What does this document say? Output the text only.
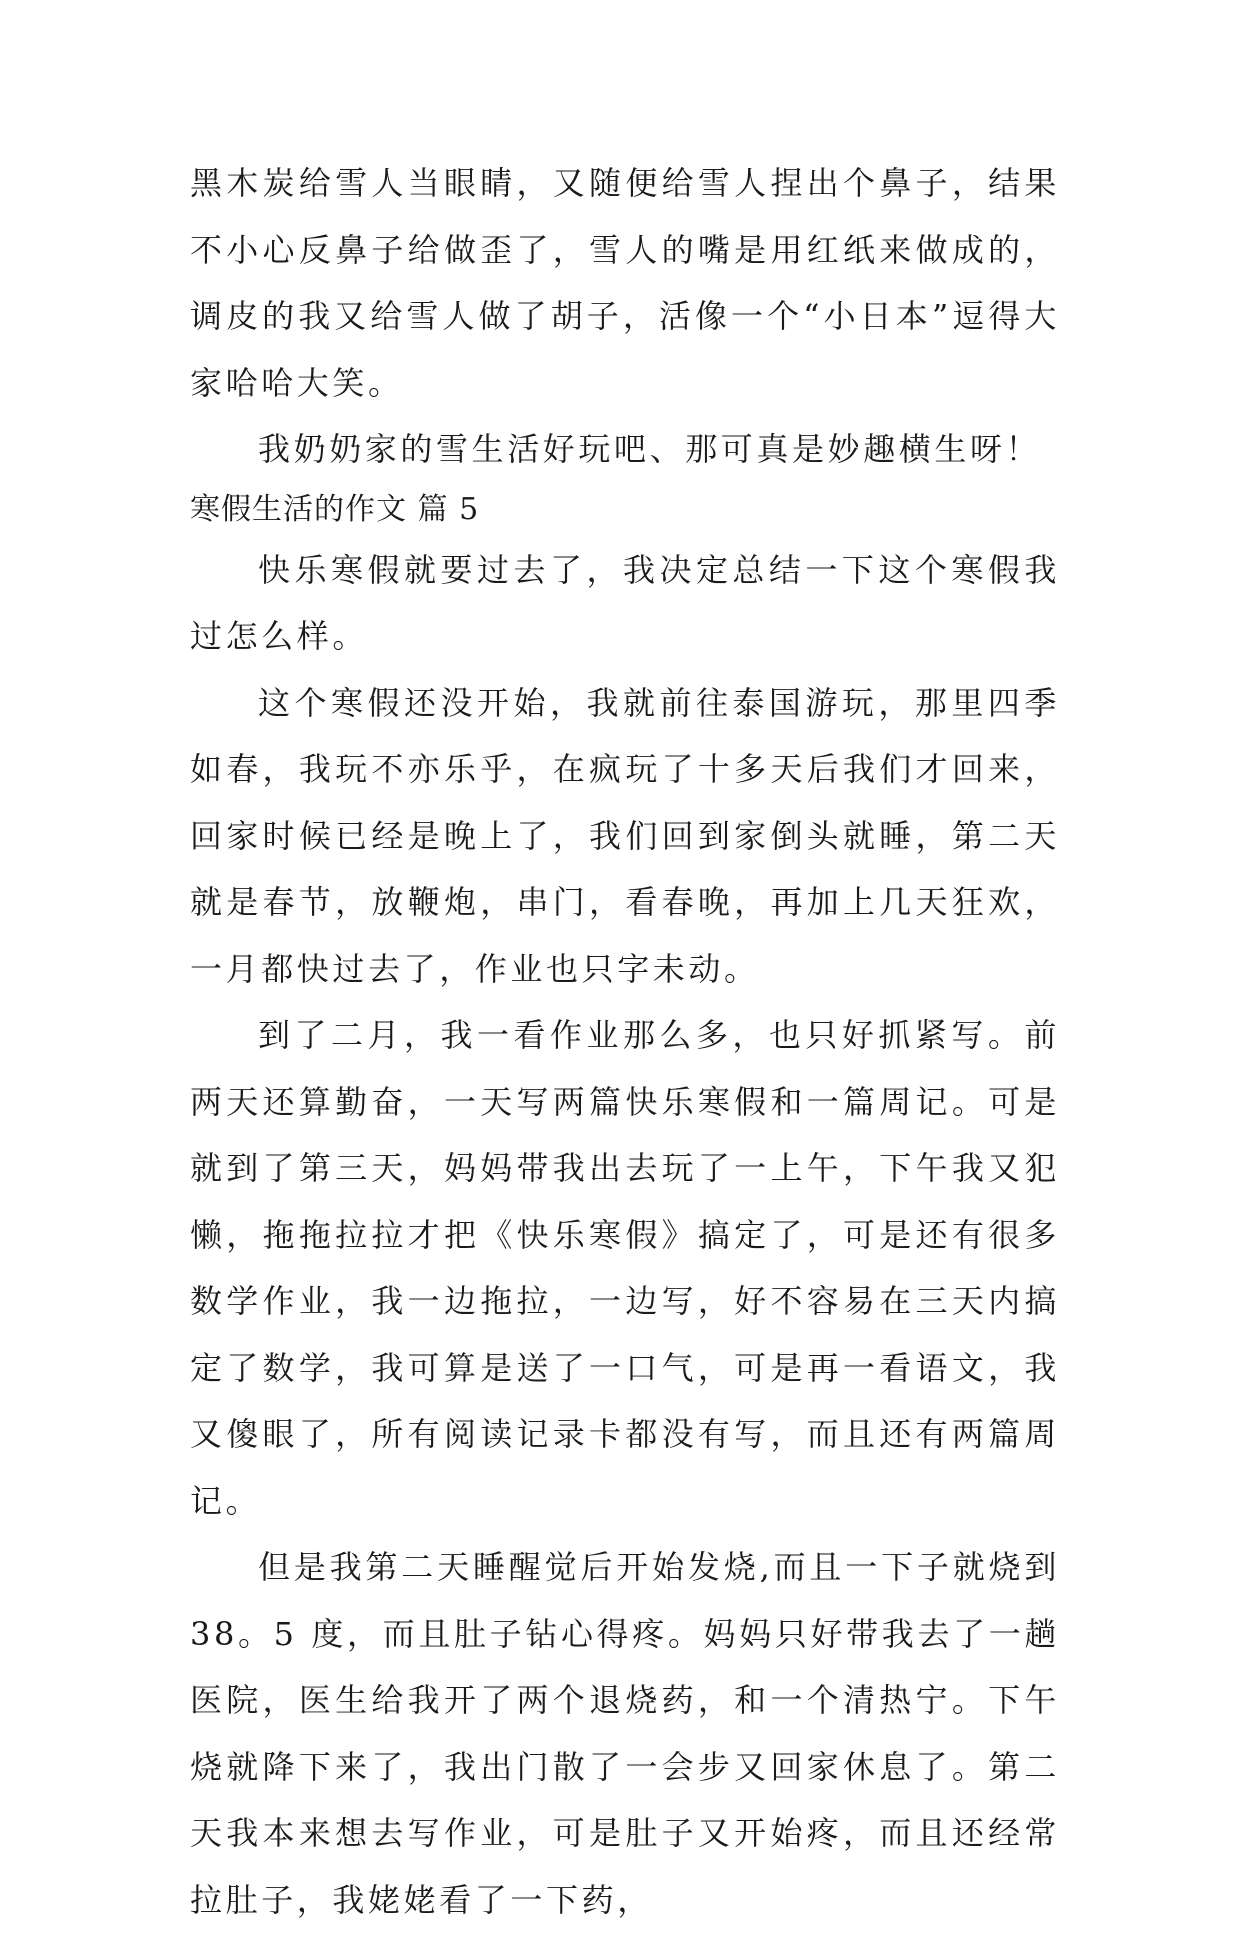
黑木炭给雪人当眼睛，又随便给雪人捏出个鼻子，结果不小心反鼻子给做歪了，雪人的嘴是用红纸来做成的，调皮的我又给雪人做了胡子，活像一个“小日本”逗得大家哈哈大笑。

我奶奶家的雪生活好玩吧、那可真是妙趣横生呀！

寒假生活的作文 篇 5

快乐寒假就要过去了，我决定总结一下这个寒假我过怎么样。

这个寒假还没开始，我就前往泰国游玩，那里四季如春，我玩不亦乐乎，在疯玩了十多天后我们才回来，回家时候已经是晚上了，我们回到家倒头就睡，第二天就是春节，放鞭炮，串门，看春晚，再加上几天狂欢，一月都快过去了，作业也只字未动。

到了二月，我一看作业那么多，也只好抓紧写。前两天还算勤奋，一天写两篇快乐寒假和一篇周记。可是就到了第三天，妈妈带我出去玩了一上午，下午我又犯懒，拖拖拉拉才把《快乐寒假》搞定了，可是还有很多数学作业，我一边拖拉，一边写，好不容易在三天内搞定了数学，我可算是送了一口气，可是再一看语文，我又傻眼了，所有阅读记录卡都没有写，而且还有两篇周记。

但是我第二天睡醒觉后开始发烧,而且一下子就烧到38。5 度，而且肚子钻心得疼。妈妈只好带我去了一趟医院，医生给我开了两个退烧药，和一个清热宁。下午烧就降下来了，我出门散了一会步又回家休息了。第二天我本来想去写作业，可是肚子又开始疼，而且还经常拉肚子，我姥姥看了一下药，
